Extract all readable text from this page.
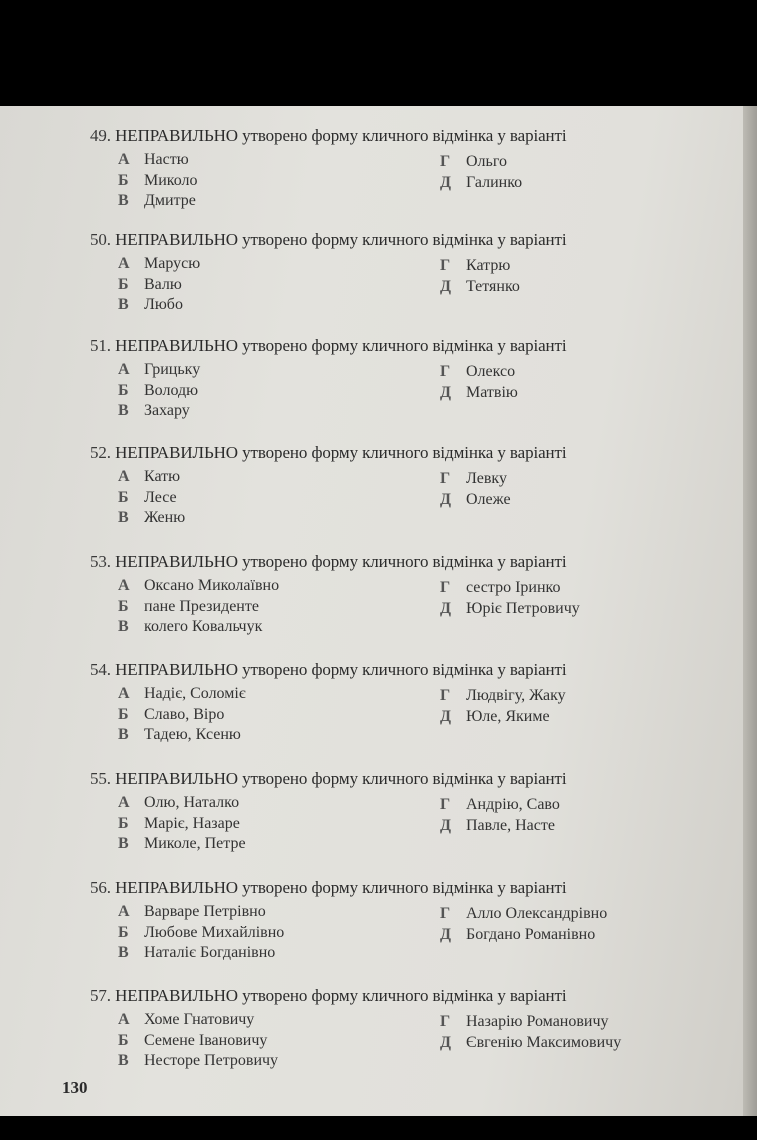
49. НЕПРАВИЛЬНО утворено форму кличного відмінка у варіанті
А Настю
Б Миколо
В Дмитре
Г Ольго
Д Галинко
50. НЕПРАВИЛЬНО утворено форму кличного відмінка у варіанті
А Марусю
Б Валю
В Любо
Г Катрю
Д Тетянко
51. НЕПРАВИЛЬНО утворено форму кличного відмінка у варіанті
А Грицьку
Б Володю
В Захару
Г Олексо
Д Матвію
52. НЕПРАВИЛЬНО утворено форму кличного відмінка у варіанті
А Катю
Б Лесе
В Женю
Г Левку
Д Олеже
53. НЕПРАВИЛЬНО утворено форму кличного відмінка у варіанті
А Оксано Миколаївно
Б пане Президенте
В колего Ковальчук
Г сестро Іринко
Д Юріє Петровичу
54. НЕПРАВИЛЬНО утворено форму кличного відмінка у варіанті
А Надіє, Соломіє
Б Славо, Віро
В Тадею, Ксеню
Г Людвігу, Жаку
Д Юле, Якиме
55. НЕПРАВИЛЬНО утворено форму кличного відмінка у варіанті
А Олю, Наталко
Б Маріє, Назаре
В Миколе, Петре
Г Андрію, Саво
Д Павле, Насте
56. НЕПРАВИЛЬНО утворено форму кличного відмінка у варіанті
А Варваре Петрівно
Б Любове Михайлівно
В Наталіє Богданівно
Г Алло Олександрівно
Д Богдано Романівно
57. НЕПРАВИЛЬНО утворено форму кличного відмінка у варіанті
А Хоме Гнатовичу
Б Семене Івановичу
В Несторе Петровичу
Г Назарію Романовичу
Д Євгенію Максимовичу
130
